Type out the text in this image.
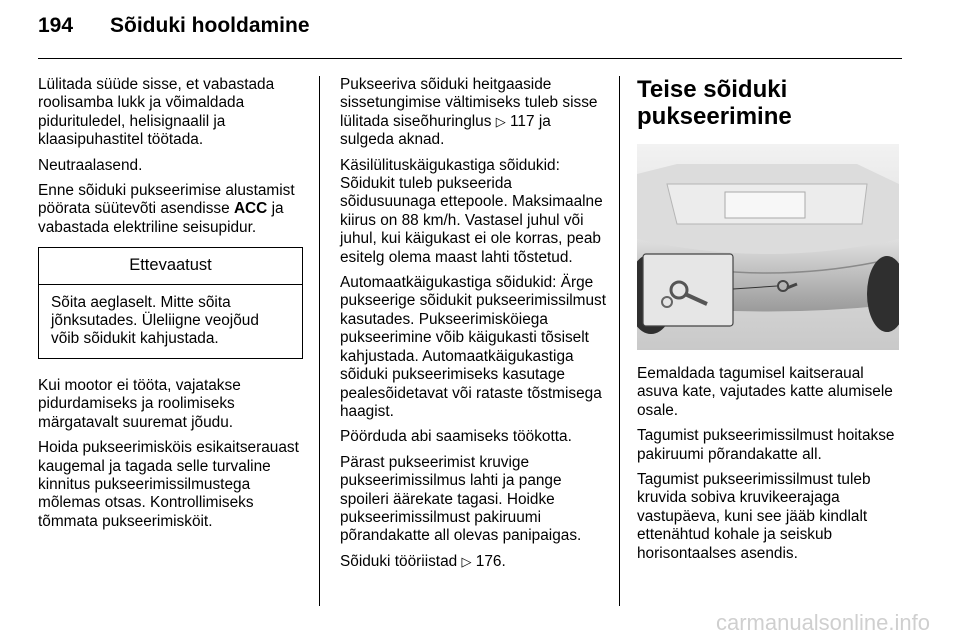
194 Sõiduki hooldamine

Lülitada süüde sisse, et vabastada roolisamba lukk ja võimaldada pidurituledel, helisignaalil ja klaasipuhastitel töötada.

Neutraalasend.

Enne sõiduki pukseerimise alustamist pöörata süütevõti asendisse ACC ja vabastada elektriline seisupidur.

Ettevaatust
Sõita aeglaselt. Mitte sõita jõnksutades. Üleliigne veojõud võib sõidukit kahjustada.

Kui mootor ei tööta, vajatakse pidurdamiseks ja roolimiseks märgatavalt suuremat jõudu.

Hoida pukseerimisköis esikaitserauast kaugemal ja tagada selle turvaline kinnitus pukseerimissilmustega mõlemas otsas. Kontrollimiseks tõmmata pukseerimisköit.

Pukseeriva sõiduki heitgaaside sissetungimise vältimiseks tuleb sisse lülitada siseõhuringlus ▷ 117 ja sulgeda aknad.

Käsilülituskäigukastiga sõidukid: Sõidukit tuleb pukseerida sõidusuunaga ettepoole. Maksimaalne kiirus on 88 km/h. Vastasel juhul või juhul, kui käigukast ei ole korras, peab esitelg olema maast lahti tõstetud.

Automaatkäigukastiga sõidukid: Ärge pukseerige sõidukit pukseerimissilmust kasutades. Pukseerimisköiega pukseerimine võib käigukasti tõsiselt kahjustada. Automaatkäigukastiga sõiduki pukseerimiseks kasutage pealesõidetavat või rataste tõstmisega haagist.

Pöörduda abi saamiseks töökotta.

Pärast pukseerimist kruvige pukseerimissilmus lahti ja pange spoileri äärekate tagasi. Hoidke pukseerimissilmust pakiruumi põrandakatte all olevas panipaigas.

Sõiduki tööriistad ▷ 176.

Teise sõiduki pukseerimine

Eemaldada tagumisel kaitseraual asuva kate, vajutades katte alumisele osale.

Tagumist pukseerimissilmust hoitakse pakiruumi põrandakatte all.

Tagumist pukseerimissilmust tuleb kruvida sobiva kruvikeerajaga vastupäeva, kuni see jääb kindlalt ettenähtud kohale ja seiskub horisontaalses asendis.

carmanualsonline.info
